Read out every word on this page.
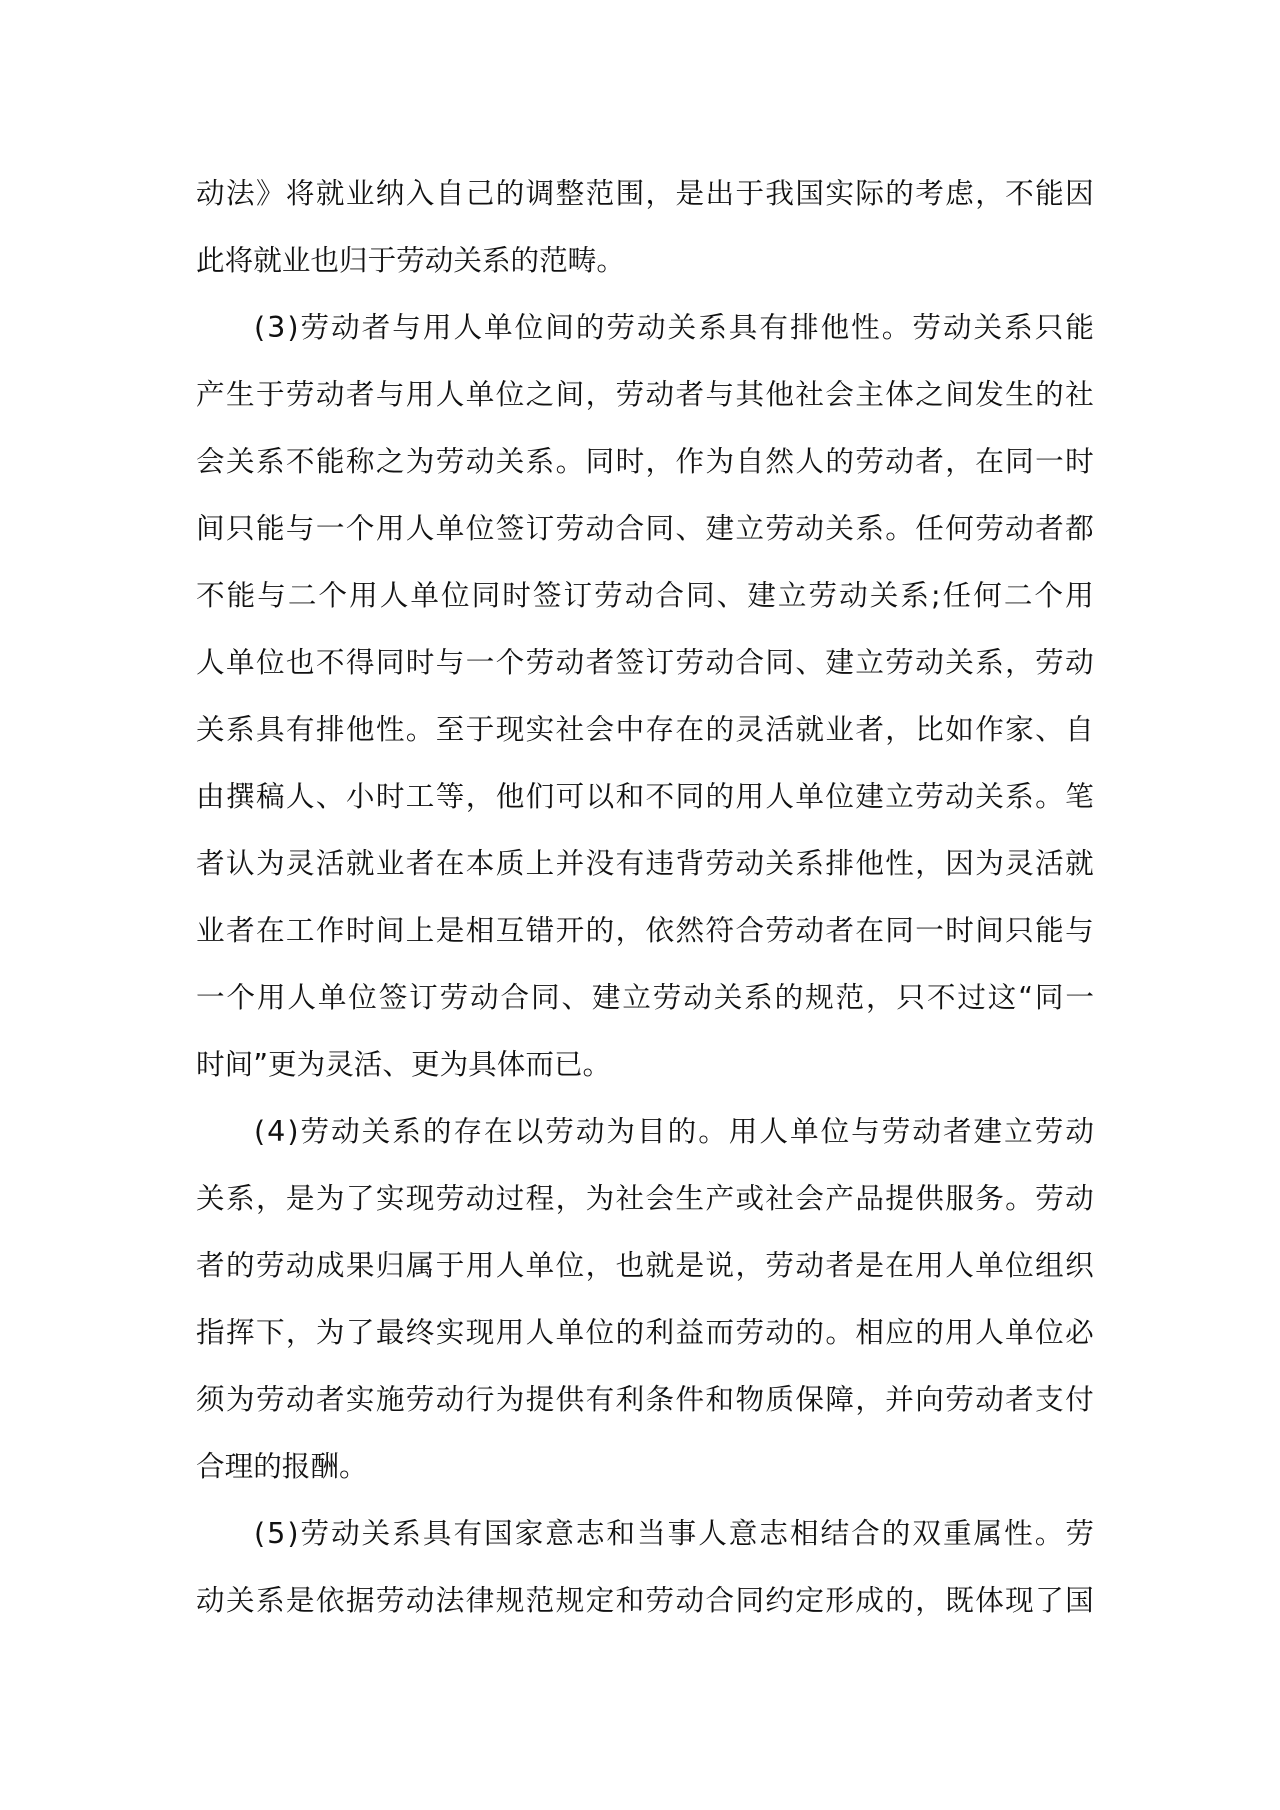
动 法 》 将 就 业 纳 入 自 己 的 调 整 范 围 ， 是 出 于 我 国 实 际 的 考 虑 ， 不 能 因
此将就业也归于劳动关系的范畴。
( 3 ) 劳 动 者 与 用 人 单 位 间 的 劳 动 关 系 具 有 排 他 性 。 劳 动 关 系 只 能
产 生 于 劳 动 者 与 用 人 单 位 之 间 ， 劳 动 者 与 其 他 社 会 主 体 之 间 发 生 的 社
会 关 系 不 能 称 之 为 劳 动 关 系 。 同 时 ， 作 为 自 然 人 的 劳 动 者 ， 在 同 一 时
间 只 能 与 一 个 用 人 单 位 签 订 劳 动 合 同 、 建 立 劳 动 关 系 。 任 何 劳 动 者 都
不 能 与 二 个 用 人 单 位 同 时 签 订 劳 动 合 同 、 建 立 劳 动 关 系 ; 任 何 二 个 用
人 单 位 也 不 得 同 时 与 一 个 劳 动 者 签 订 劳 动 合 同 、 建 立 劳 动 关 系 ， 劳 动
关 系 具 有 排 他 性 。 至 于 现 实 社 会 中 存 在 的 灵 活 就 业 者 ， 比 如 作 家 、 自
由 撰 稿 人 、 小 时 工 等 ， 他 们 可 以 和 不 同 的 用 人 单 位 建 立 劳 动 关 系 。 笔
者 认 为 灵 活 就 业 者 在 本 质 上 并 没 有 违 背 劳 动 关 系 排 他 性 ， 因 为 灵 活 就
业 者 在 工 作 时 间 上 是 相 互 错 开 的 ， 依 然 符 合 劳 动 者 在 同 一 时 间 只 能 与
一 个 用 人 单 位 签 订 劳 动 合 同 、 建 立 劳 动 关 系 的 规 范 ， 只 不 过 这 “ 同 一
时间”更为灵活、更为具体而已。
( 4 ) 劳 动 关 系 的 存 在 以 劳 动 为 目 的 。 用 人 单 位 与 劳 动 者 建 立 劳 动
关 系 ， 是 为 了 实 现 劳 动 过 程 ， 为 社 会 生 产 或 社 会 产 品 提 供 服 务 。 劳 动
者 的 劳 动 成 果 归 属 于 用 人 单 位 ， 也 就 是 说 ， 劳 动 者 是 在 用 人 单 位 组 织
指 挥 下 ， 为 了 最 终 实 现 用 人 单 位 的 利 益 而 劳 动 的 。 相 应 的 用 人 单 位 必
须 为 劳 动 者 实 施 劳 动 行 为 提 供 有 利 条 件 和 物 质 保 障 ， 并 向 劳 动 者 支 付
合理的报酬。
( 5 ) 劳 动 关 系 具 有 国 家 意 志 和 当 事 人 意 志 相 结 合 的 双 重 属 性 。 劳
动 关 系 是 依 据 劳 动 法 律 规 范 规 定 和 劳 动 合 同 约 定 形 成 的 ， 既 体 现 了 国
